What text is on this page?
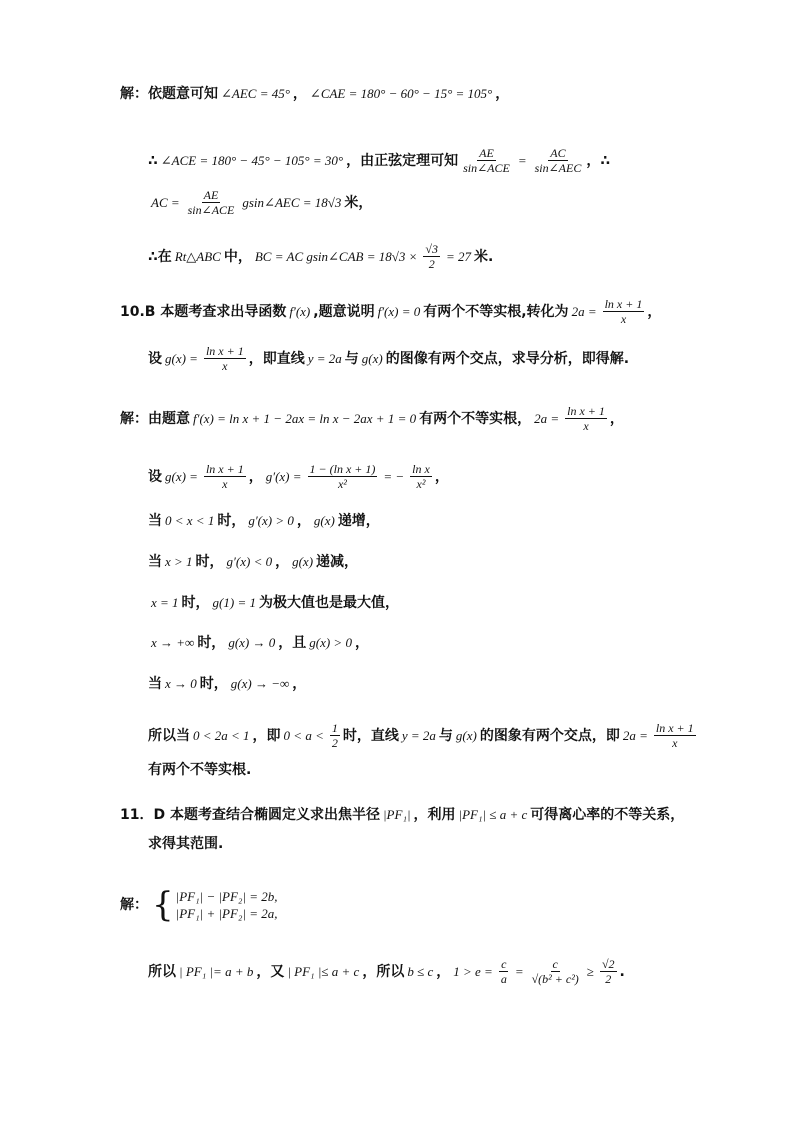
解：依题意可知 ∠AEC = 45° ， ∠CAE = 180° − 60° − 15° = 105° ，
∴ ∠ACE = 180° − 45° − 105° = 30° ，由正弦定理可知 $\frac{AE}{\text{sin∠ACE}} = \frac{AC}{\text{sin∠AEC}}$ ，∴
AC = $\frac{AE}{\text{sin∠ACE}}$ gsin∠AEC = 18√3 米，
∴在 Rt△ABC 中， BC = AC gsin∠CAB = $18√3 \times \frac{√3}{2} = 27$ 米.
10.B 本题考查求出导函数 f′(x) ,题意说明 f′(x) = 0 有两个不等实根,转化为 $2a = \frac{\text{ln x + 1}}{x}$ ，
设 $g(x) = \frac{\text{ln x + 1}}{x}$ ，即直线 y = 2a 与 g(x) 的图像有两个交点，求导分析，即得解.
解：由题意 f′(x) = ln x + 1 − 2ax = ln x − 2ax + 1 = 0 有两个不等实根， $2a = \frac{\text{ln x + 1}}{x}$ ，
设 $g(x) = \frac{\text{ln x + 1}}{x}$ ， $g'(x) = \frac{\text{1 − (ln x + 1)}}{\text{x²}}$ = − $\frac{\text{ln x}}{\text{x²}}$ ，
当 0 < x < 1 时， g′(x) > 0 ， g(x) 递增，
当 x > 1 时， g′(x) < 0 ， g(x) 递减，
x = 1 时， g(1) = 1 为极大值也是最大值，
x → +∞ 时， g(x) → 0 ，且 g(x) > 0 ，
当 x → 0 时， g(x) → −∞ ，
所以当 0 < 2a < 1 ，即 $0 < a < \frac{1}{2}$ 时，直线 y = 2a 与 g(x) 的图象有两个交点，即 $2a = \frac{\text{ln x + 1}}{x}$
有两个不等实根.
11．D 本题考查结合椭圆定义求出焦半径 |PF₁| ，利用 |PF₁| ≤ a + c 可得离心率的不等关系，
求得其范围.
解： { |PF₁| − |PF₂| = 2b,
|PF₁| + |PF₂| = 2a,
所以 | PF₁ |= a + b ，又 | PF₁ |≤ a + c ，所以 b ≤ c ， $1 > e = \frac{c}{a} = \frac{c}{\text{√(b² + c²)}} \ge \frac{√2}{2}$ .
